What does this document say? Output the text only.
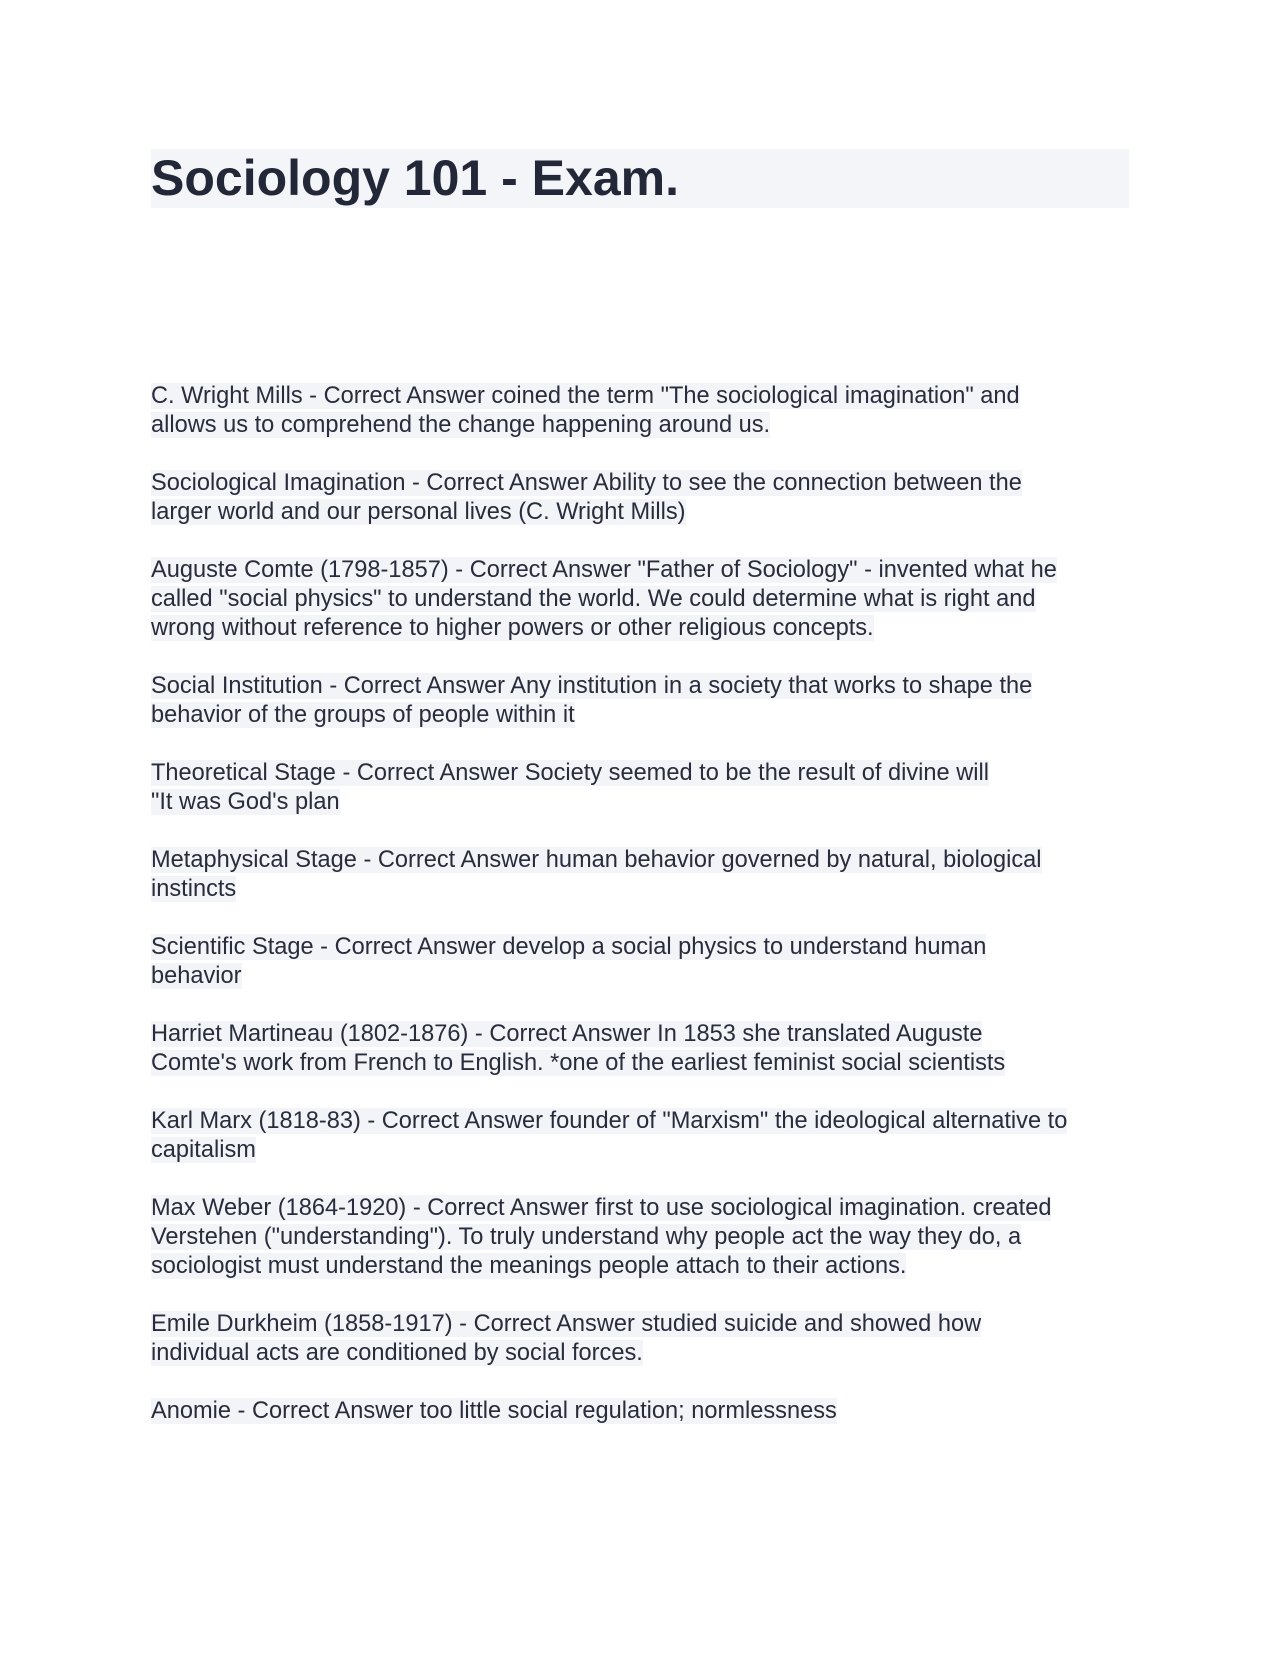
Sociology 101 - Exam.

C. Wright Mills - Correct Answer coined the term "The sociological imagination" and
allows us to comprehend the change happening around us.

Sociological Imagination - Correct Answer Ability to see the connection between the
larger world and our personal lives (C. Wright Mills)

Auguste Comte (1798-1857) - Correct Answer "Father of Sociology" - invented what he
called "social physics" to understand the world. We could determine what is right and
wrong without reference to higher powers or other religious concepts.

Social Institution - Correct Answer Any institution in a society that works to shape the
behavior of the groups of people within it

Theoretical Stage - Correct Answer Society seemed to be the result of divine will
"It was God's plan

Metaphysical Stage - Correct Answer human behavior governed by natural, biological
instincts

Scientific Stage - Correct Answer develop a social physics to understand human
behavior

Harriet Martineau (1802-1876) - Correct Answer In 1853 she translated Auguste
Comte's work from French to English. *one of the earliest feminist social scientists

Karl Marx (1818-83) - Correct Answer founder of "Marxism" the ideological alternative to
capitalism

Max Weber (1864-1920) - Correct Answer first to use sociological imagination. created
Verstehen ("understanding"). To truly understand why people act the way they do, a
sociologist must understand the meanings people attach to their actions.

Emile Durkheim (1858-1917) - Correct Answer studied suicide and showed how
individual acts are conditioned by social forces.

Anomie - Correct Answer too little social regulation; normlessness
